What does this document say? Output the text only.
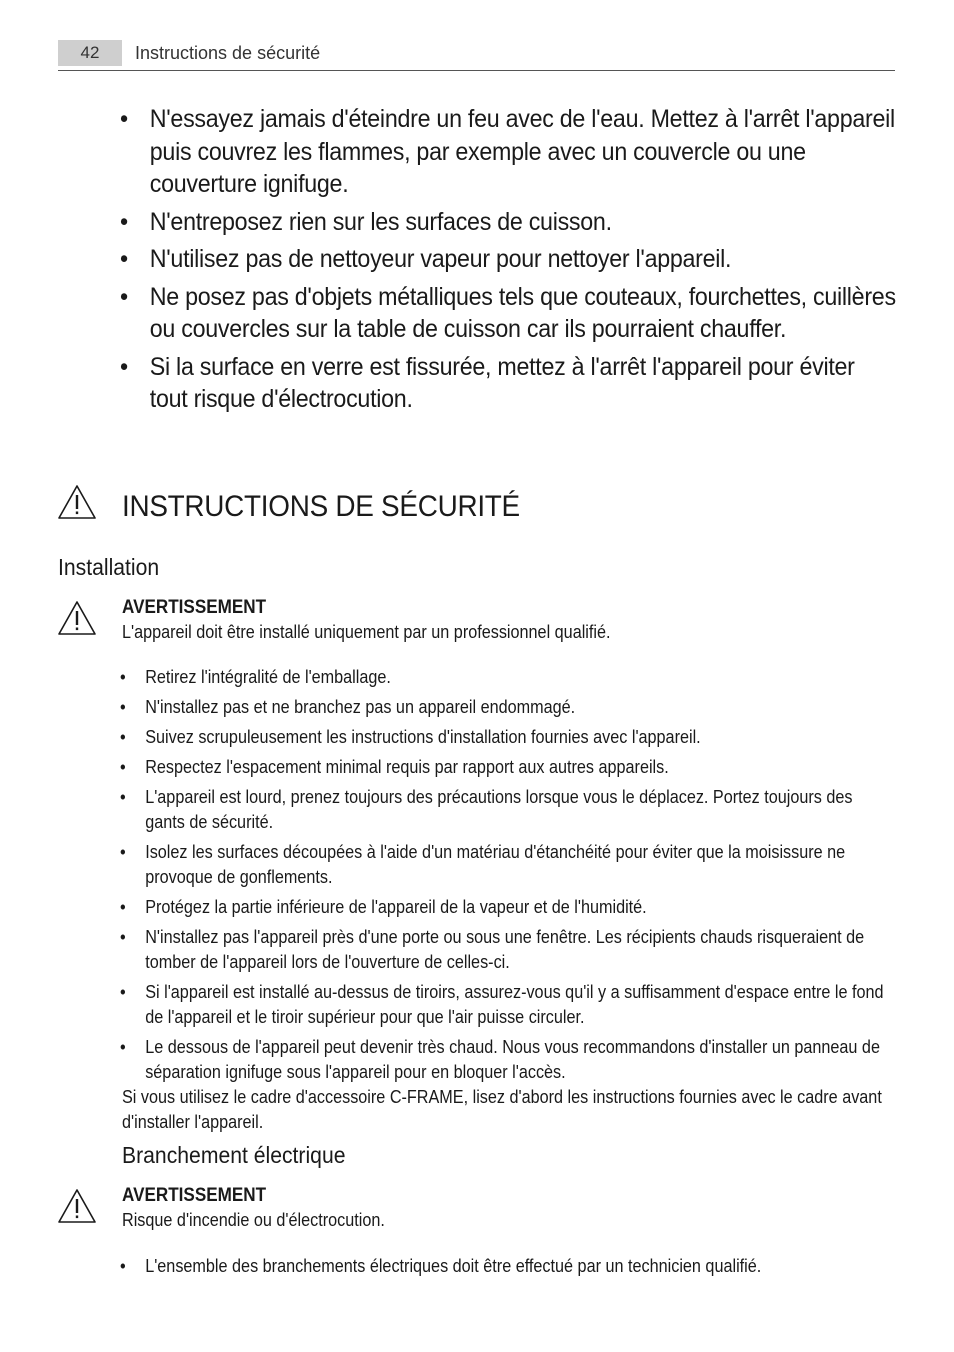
42	Instructions de sécurité
• N'essayez jamais d'éteindre un feu avec de l'eau. Mettez à l'arrêt l'appareil puis couvrez les flammes, par exemple avec un couvercle ou une couverture ignifuge.
• N'entreposez rien sur les surfaces de cuisson.
• N'utilisez pas de nettoyeur vapeur pour nettoyer l'appareil.
• Ne posez pas d'objets métalliques tels que couteaux, fourchettes, cuillères ou couvercles sur la table de cuisson car ils pourraient chauffer.
• Si la surface en verre est fissurée, mettez à l'arrêt l'appareil pour éviter tout risque d'électrocution.
INSTRUCTIONS DE SÉCURITÉ
Installation
AVERTISSEMENT
L'appareil doit être installé uniquement par un professionnel qualifié.
• Retirez l'intégralité de l'emballage.
• N'installez pas et ne branchez pas un appareil endommagé.
• Suivez scrupuleusement les instructions d'installation fournies avec l'appareil.
• Respectez l'espacement minimal requis par rapport aux autres appareils.
• L'appareil est lourd, prenez toujours des précautions lorsque vous le déplacez. Portez toujours des gants de sécurité.
• Isolez les surfaces découpées à l'aide d'un matériau d'étanchéité pour éviter que la moisissure ne provoque de gonflements.
• Protégez la partie inférieure de l'appareil de la vapeur et de l'humidité.
• N'installez pas l'appareil près d'une porte ou sous une fenêtre. Les récipients chauds risqueraient de tomber de l'appareil lors de l'ouverture de celles-ci.
• Si l'appareil est installé au-dessus de tiroirs, assurez-vous qu'il y a suffisamment d'espace entre le fond de l'appareil et le tiroir supérieur pour que l'air puisse circuler.
• Le dessous de l'appareil peut devenir très chaud. Nous vous recommandons d'installer un panneau de séparation ignifuge sous l'appareil pour en bloquer l'accès.
Si vous utilisez le cadre d'accessoire C-FRAME, lisez d'abord les instructions fournies avec le cadre avant d'installer l'appareil.
Branchement électrique
AVERTISSEMENT
Risque d'incendie ou d'électrocution.
• L'ensemble des branchements électriques doit être effectué par un technicien qualifié.
